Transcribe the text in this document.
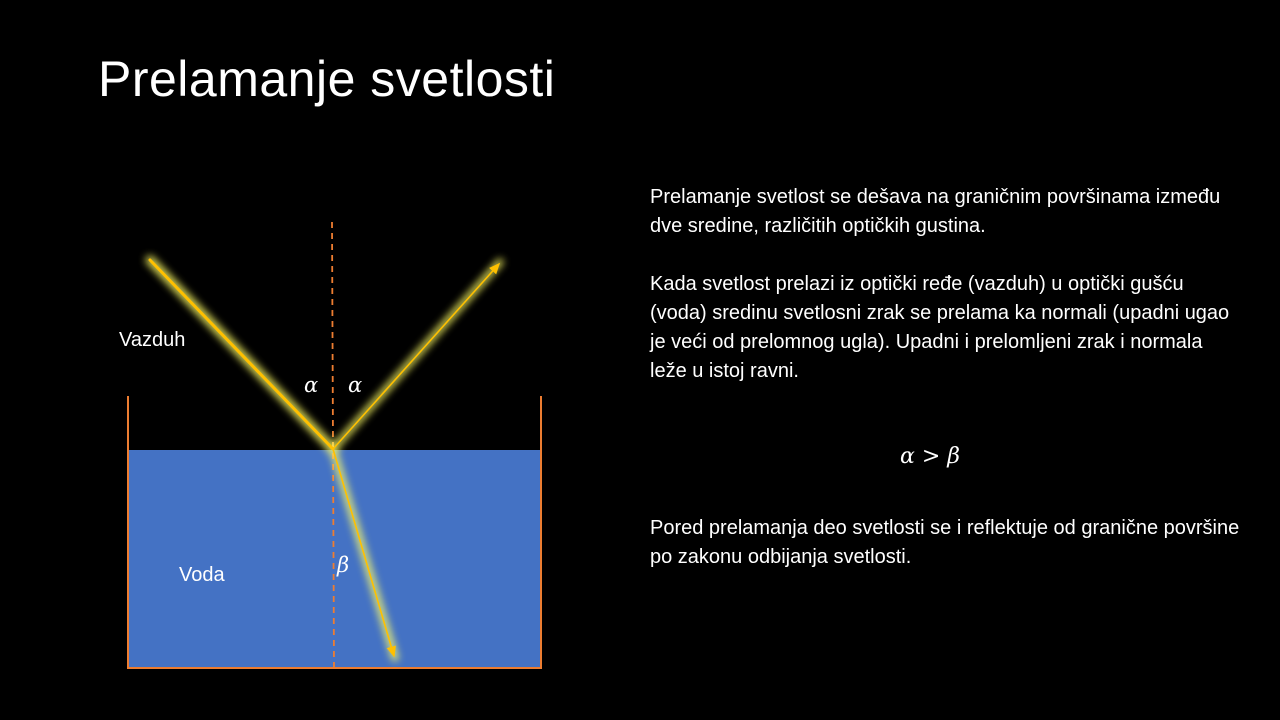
Prelamanje svetlosti
Vazduh
Voda
α α
β

Prelamanje svetlost se dešava na graničnim površinama između dve sredine, različitih optičkih gustina.

Kada svetlost prelazi iz optički ređe (vazduh) u optički gušću (voda) sredinu svetlosni zrak se prelama ka normali (upadni ugao je veći od prelomnog ugla). Upadni i prelomljeni zrak i normala leže u istoj ravni.

α > β

Pored prelamanja deo svetlosti se i reflektuje od granične površine po zakonu odbijanja svetlosti.
